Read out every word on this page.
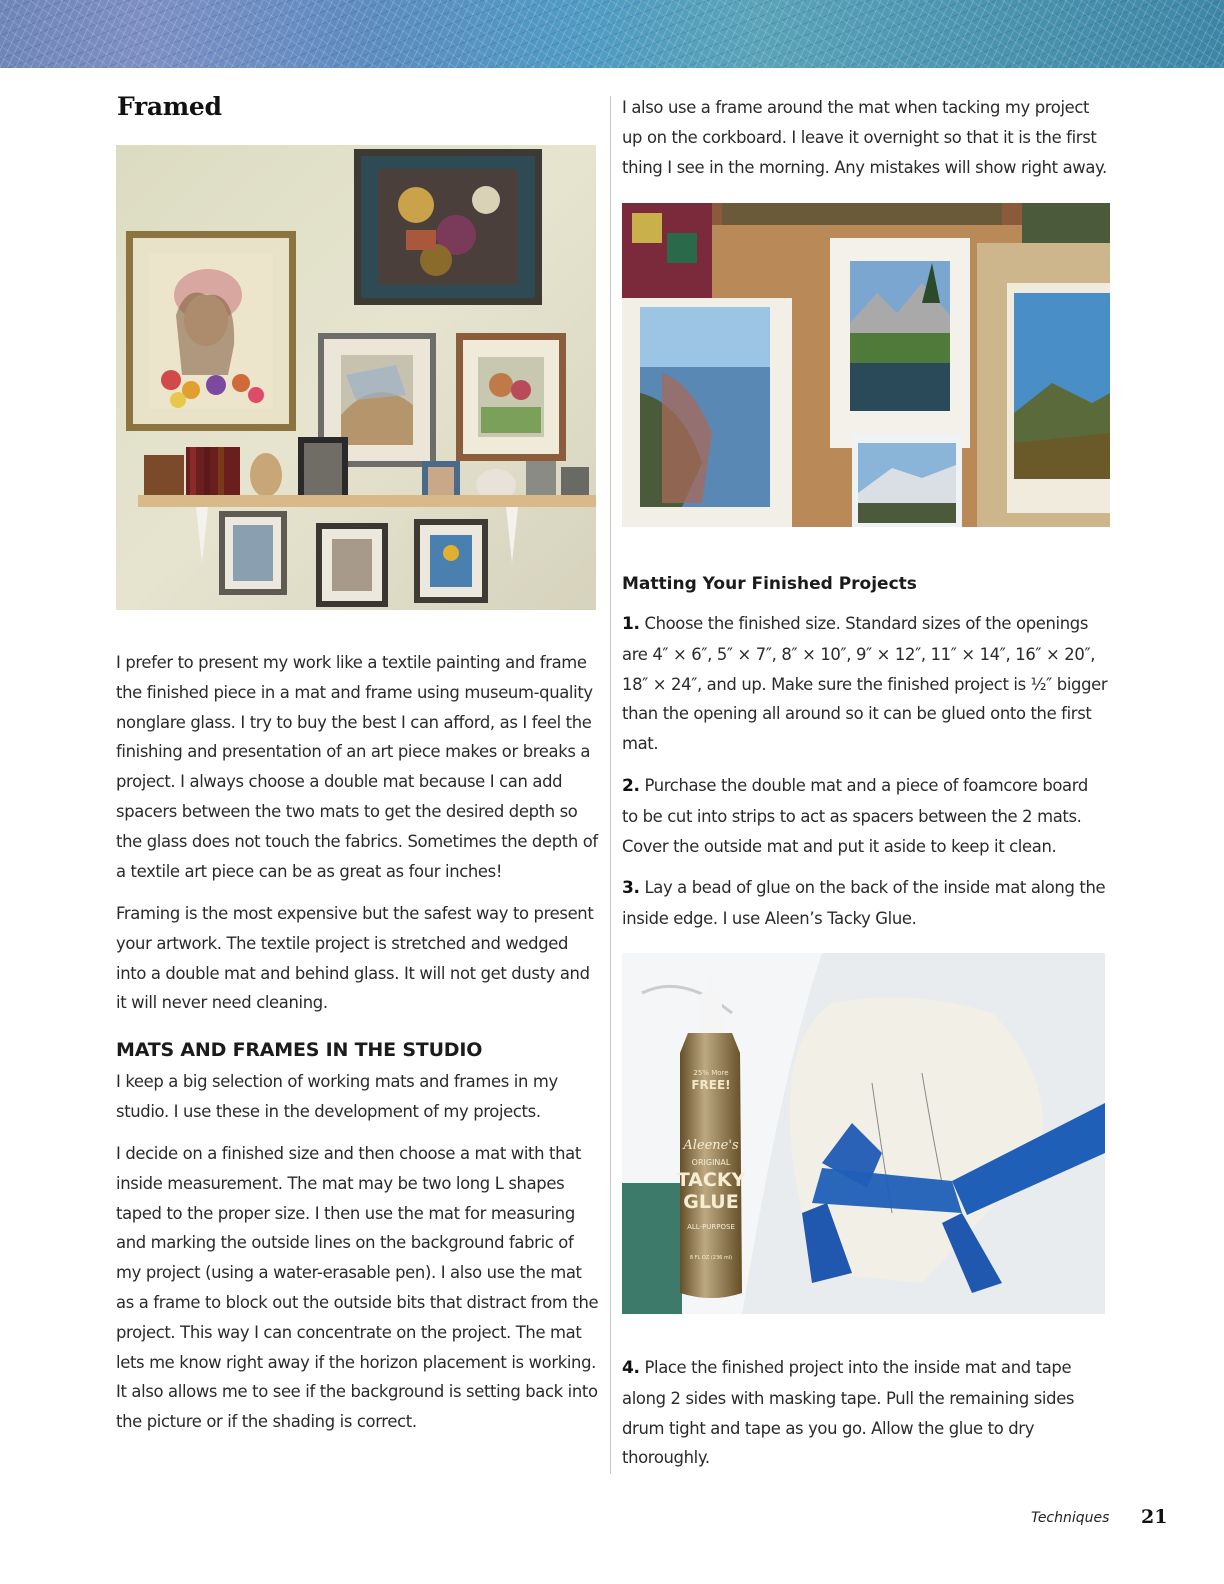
Framed
I prefer to present my work like a textile painting and frame the finished piece in a mat and frame using museum-quality nonglare glass. I try to buy the best I can afford, as I feel the finishing and presentation of an art piece makes or breaks a project. I always choose a double mat because I can add spacers between the two mats to get the desired depth so the glass does not touch the fabrics. Sometimes the depth of a textile art piece can be as great as four inches!
Framing is the most expensive but the safest way to present your artwork. The textile project is stretched and wedged into a double mat and behind glass. It will not get dusty and it will never need cleaning.
MATS AND FRAMES IN THE STUDIO
I keep a big selection of working mats and frames in my studio. I use these in the development of my projects.
I decide on a finished size and then choose a mat with that inside measurement. The mat may be two long L shapes taped to the proper size. I then use the mat for measuring and marking the outside lines on the background fabric of my project (using a water-erasable pen). I also use the mat as a frame to block out the outside bits that distract from the project. This way I can concentrate on the project. The mat lets me know right away if the horizon placement is working. It also allows me to see if the background is setting back into the picture or if the shading is correct.
I also use a frame around the mat when tacking my project up on the corkboard. I leave it overnight so that it is the first thing I see in the morning. Any mistakes will show right away.
Matting Your Finished Projects
1. Choose the finished size. Standard sizes of the openings are 4″ × 6″, 5″ × 7″, 8″ × 10″, 9″ × 12″, 11″ × 14″, 16″ × 20″, 18″ × 24″, and up. Make sure the finished project is ½″ bigger than the opening all around so it can be glued onto the first mat.
2. Purchase the double mat and a piece of foamcore board to be cut into strips to act as spacers between the 2 mats. Cover the outside mat and put it aside to keep it clean.
3. Lay a bead of glue on the back of the inside mat along the inside edge. I use Aleen’s Tacky Glue.
25% More
FREE!
Aleene's
ORIGINAL
TACKY
GLUE
ALL-PURPOSE
8 FL OZ (236 ml)
4. Place the finished project into the inside mat and tape along 2 sides with masking tape. Pull the remaining sides drum tight and tape as you go. Allow the glue to dry thoroughly.
Techniques 21
